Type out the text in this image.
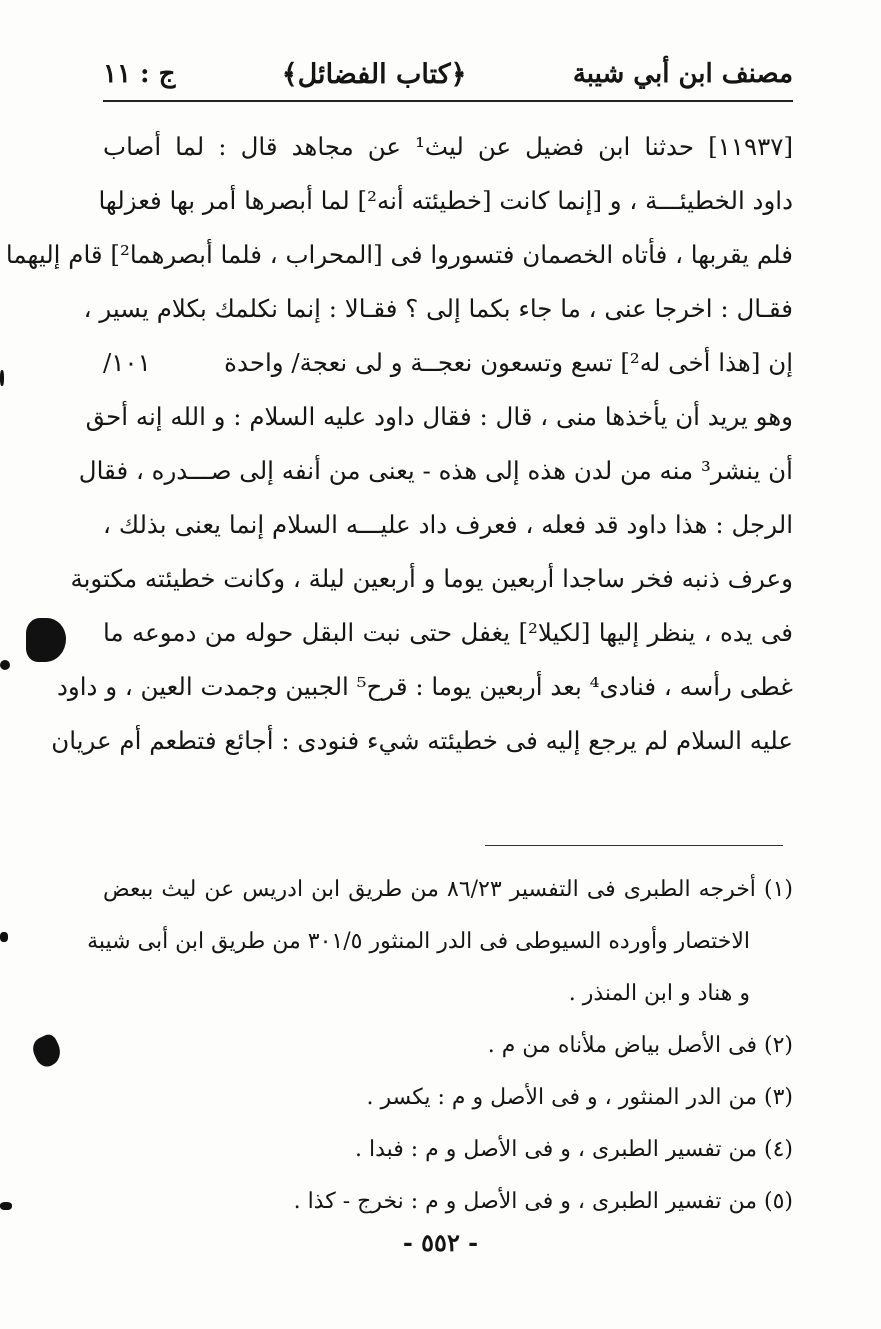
مصنف ابن أبي شيبة
﴿كتاب الفضائل﴾
ج : ١١
[١١٩٣٧] حدثنا ابن فضيل عن ليث¹ عن مجاهد قال : لما أصاب
داود الخطيئـــة ، و [إنما كانت [خطيئته أنه²] لما أبصرها أمر بها فعزلها
فلم يقربها ، فأتاه الخصمان فتسوروا فى [المحراب ، فلما أبصرهما²] قام إليهما
فقـال : اخرجا عنى ، ما جاء بكما إلى ؟ فقـالا : إنما نكلمك بكلام يسير ،
إن [هذا أخى له²] تسع وتسعون نعجــة و لى نعجة/ واحدة
/١٠١
وهو يريد أن يأخذها منى ، قال : فقال داود عليه السلام : و الله إنه أحق
أن ينشر³ منه من لدن هذه إلى هذه - يعنى من أنفه إلى صـــدره ، فقال
الرجل : هذا داود قد فعله ، فعرف داد عليـــه السلام إنما يعنى بذلك ،
وعرف ذنبه فخر ساجدا أربعين يوما و أربعين ليلة ، وكانت خطيئته مكتوبة
فى يده ، ينظر إليها [لكيلا²] يغفل حتى نبت البقل حوله من دموعه ما
غطى رأسه ، فنادى⁴ بعد أربعين يوما : قرح⁵ الجبين وجمدت العين ، و داود
عليه السلام لم يرجع إليه فى خطيئته شيء فنودى : أجائع فتطعم أم عريان
(١) أخرجه الطبرى فى التفسير ٨٦/٢٣ من طريق ابن ادريس عن ليث ببعض
الاختصار وأورده السيوطى فى الدر المنثور ٣٠١/٥ من طريق ابن أبى شيبة
و هناد و ابن المنذر .
(٢) فى الأصل بياض ملأناه من م .
(٣) من الدر المنثور ، و فى الأصل و م : يكسر .
(٤) من تفسير الطبرى ، و فى الأصل و م : فبدا .
(٥) من تفسير الطبرى ، و فى الأصل و م : نخرج - كذا .
- ٥٥٢ -
